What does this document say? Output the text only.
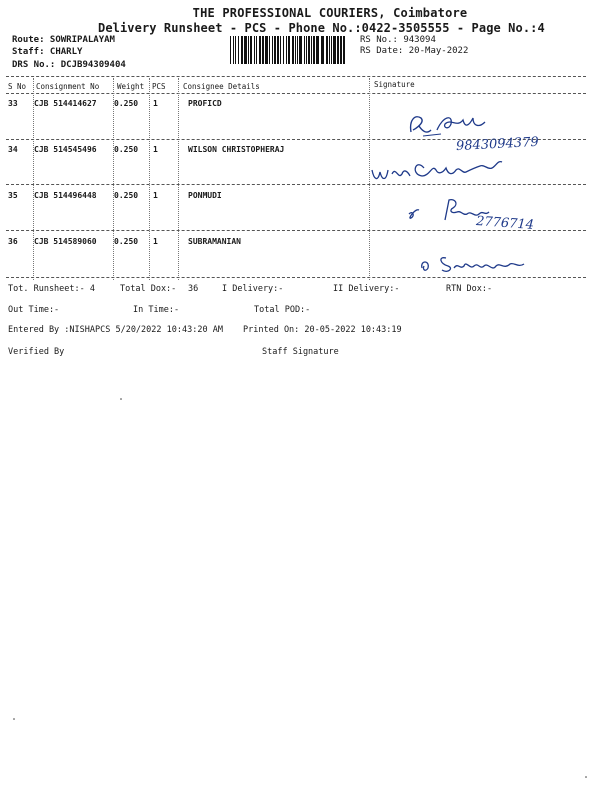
THE PROFESSIONAL COURIERS, Coimbatore
Delivery Runsheet - PCS - Phone No.:0422-3505555 - Page No.:4
Route: SOWRIPALAYAM
Staff: CHARLY
DRS No.: DCJB94309404
RS No.: 943094
RS Date: 20-May-2022
S No Consignment No Weight PCS Consignee Details	Signature
33 CJB 514414627 0.250 1	PROFICD
34 CJB 514545496 0.250 1	WILSON CHRISTOPHERAJ
35 CJB 514496448 0.250 1	PONMUDI
36 CJB 514589060 0.250 1	SUBRAMANIAN
9843094379
2776714
Tot. Runsheet:- 4	Total Dox:- 36	I Delivery:-	II Delivery:-	RTN Dox:-
Out Time:-	In Time:-	Total POD:-
Entered By :NISHAPCS 5/20/2022 10:43:20 AM Printed On: 20-05-2022 10:43:19
Verified By	Staff Signature
